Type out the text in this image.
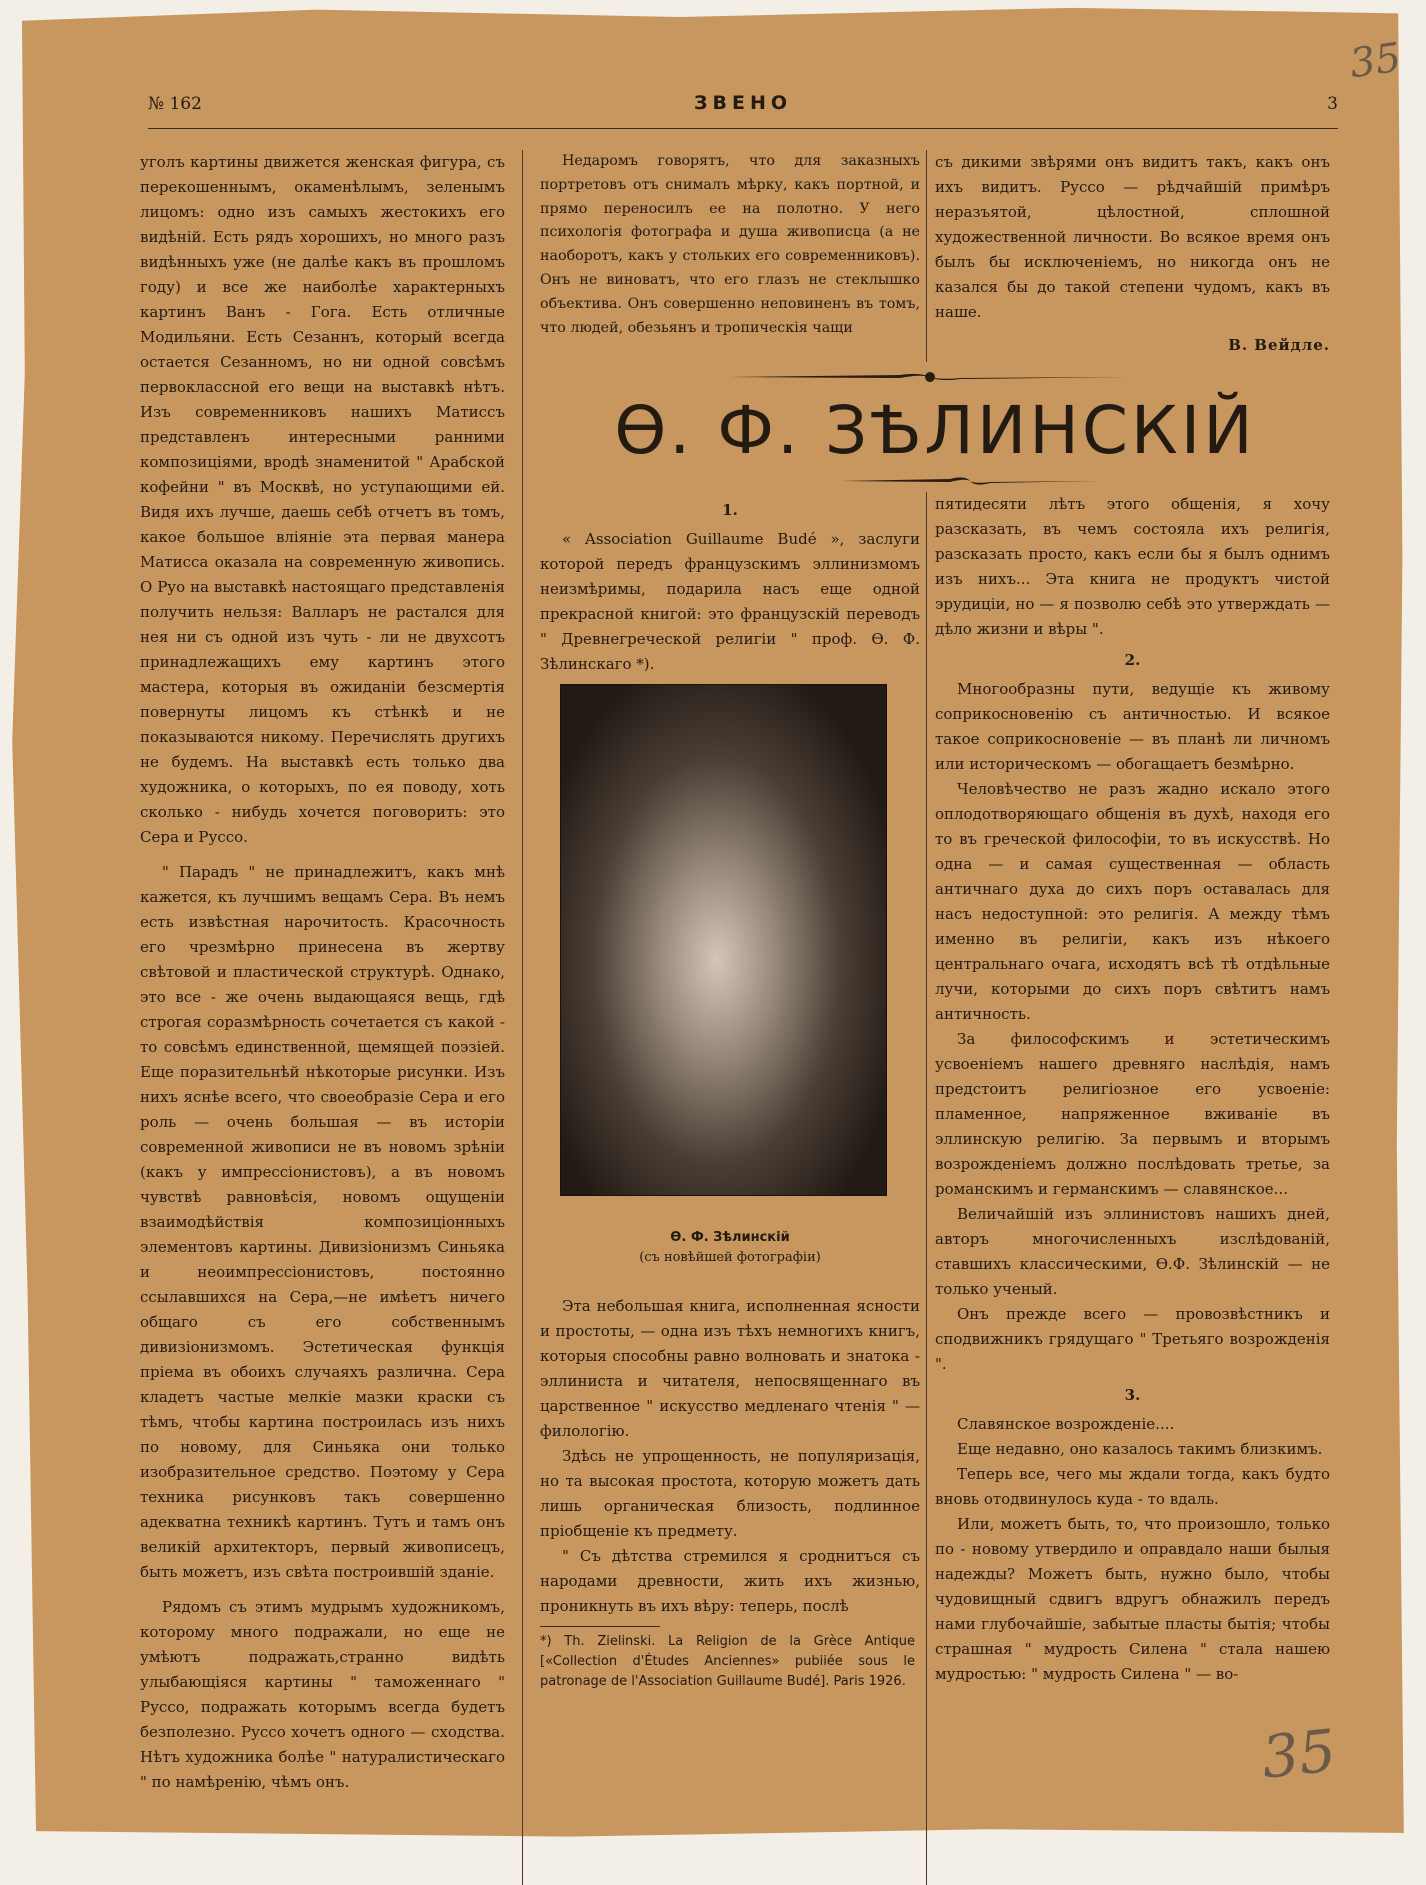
35
35
№ 162	ЗВЕНО	3

уголъ картины движется женская фигура, съ перекошеннымъ, окаменѣлымъ, зеленымъ лицомъ: одно изъ самыхъ жестокихъ его видѣній. Есть рядъ хорошихъ, но много разъ видѣнныхъ уже (не далѣе какъ въ прошломъ году) и все же наиболѣе характерныхъ картинъ Ванъ - Гога. Есть отличные Модильяни. Есть Сезаннъ, который всегда остается Сезанномъ, но ни одной совсѣмъ первоклассной его вещи на выставкѣ нѣтъ. Изъ современниковъ нашихъ Матиссъ представленъ интересными ранними композиціями, вродѣ знаменитой " Арабской кофейни " въ Москвѣ, но уступающими ей. Видя ихъ лучше, даешь себѣ отчетъ въ томъ, какое большое вліяніе эта первая манера Матисса оказала на современную живопись. О Руо на выставкѣ настоящаго представленія получить нельзя: Валларъ не растался для нея ни съ одной изъ чуть - ли не двухсотъ принадлежащихъ ему картинъ этого мастера, которыя въ ожиданіи безсмертія повернуты лицомъ къ стѣнкѣ и не показываются никому. Перечислять другихъ не будемъ. На выставкѣ есть только два художника, о которыхъ, по ея поводу, хоть сколько - нибудь хочется поговорить: это Сера и Руссо.

" Парадъ " не принадлежитъ, какъ мнѣ кажется, къ лучшимъ вещамъ Сера. Въ немъ есть извѣстная нарочитость. Красочность его чрезмѣрно принесена въ жертву свѣтовой и пластической структурѣ. Однако, это все - же очень выдающаяся вещь, гдѣ строгая соразмѣрность сочетается съ какой - то совсѣмъ единственной, щемящей поэзіей. Еще поразительнѣй нѣкоторые рисунки. Изъ нихъ яснѣе всего, что своеобразіе Сера и его роль — очень большая — въ исторіи современной живописи не въ новомъ зрѣніи (какъ у импрессіонистовъ), а въ новомъ чувствѣ равновѣсія, новомъ ощущеніи взаимодѣйствія композиціонныхъ элементовъ картины. Дивизіонизмъ Синьяка и неоимпрессіонистовъ, постоянно ссылавшихся на Сера,—не имѣетъ ничего общаго съ его собственнымъ дивизіонизмомъ. Эстетическая функція пріема въ обоихъ случаяхъ различна. Сера кладетъ частые мелкіе мазки краски съ тѣмъ, чтобы картина построилась изъ нихъ по новому, для Синьяка они только изобразительное средство. Поэтому у Сера техника рисунковъ такъ совершенно адекватна техникѣ картинъ. Тутъ и тамъ онъ великій архитекторъ, первый живописецъ, быть можетъ, изъ свѣта построившій зданіе.

Рядомъ съ этимъ мудрымъ художникомъ, которому много подражали, но еще не умѣютъ подражать,странно видѣть улыбающіяся картины " таможеннаго " Руссо, подражать которымъ всегда будетъ безполезно. Руссо хочетъ одного — сходства. Нѣтъ художника болѣе " натуралистическаго " по намѣренію, чѣмъ онъ.

Недаромъ говорятъ, что для заказныхъ портретовъ отъ снималъ мѣрку, какъ портной, и прямо переносилъ ее на полотно. У него психологія фотографа и душа живописца (а не наоборотъ, какъ у стольких его современниковъ). Онъ не виноватъ, что его глазъ не стеклышко объектива. Онъ совершенно неповиненъ въ томъ, что людей, обезьянъ и тропическія чащи

съ дикими звѣрями онъ видитъ такъ, какъ онъ ихъ видитъ. Руссо — рѣдчайшій примѣръ неразъятой, цѣлостной, сплошной художественной личности. Во всякое время онъ былъ бы исключеніемъ, но никогда онъ не казался бы до такой степени чудомъ, какъ въ наше.

В. Вейдле.
Ѳ. Ф. ЗѢЛИНСКІЙ

1.

« Association Guillaume Budé », заслуги которой передъ французскимъ эллинизмомъ неизмѣримы, подарила насъ еще одной прекрасной книгой: это французскій переводъ " Древнегреческой религіи " проф. Ѳ. Ф. Зѣлинскаго *).

Ѳ. Ф. Зѣлинскій
(съ новѣйшей фотографіи)

Эта небольшая книга, исполненная ясности и простоты, — одна изъ тѣхъ немногихъ книгъ, которыя способны равно волновать и знатока - эллиниста и читателя, непосвященнаго въ царственное " искусство медленаго чтенія " — филологію.

Здѣсь не упрощенность, не популяризація, но та высокая простота, которую можетъ дать лишь органическая близость, подлинное пріобщеніе къ предмету.

" Съ дѣтства стремился я сроднитъся съ народами древности, жить ихъ жизнью, проникнуть въ ихъ вѣру: теперь, послѣ

*) Th. Zielinski. La Religion de la Grèce Antique [«Collection d'Études Anciennes» pubiiée sous le patronage de l'Association Guillaume Budé]. Paris 1926.

пятидесяти лѣтъ этого общенія, я хочу разсказать, въ чемъ состояла ихъ религія, разсказать просто, какъ если бы я былъ однимъ изъ нихъ... Эта книга не продуктъ чистой эрудиціи, но — я позволю себѣ это утверждать — дѣло жизни и вѣры ".

2.

Многообразны пути, ведущіе къ живому соприкосновенію съ античностью. И всякое такое соприкосновеніе — въ планѣ ли личномъ или историческомъ — обогащаетъ безмѣрно.

Человѣчество не разъ жадно искало этого оплодотворяющаго общенія въ духѣ, находя его то въ греческой философіи, то въ искусствѣ. Но одна — и самая существенная — область античнаго духа до сихъ поръ оставалась для насъ недоступной: это религія. А между тѣмъ именно въ религіи, какъ изъ нѣкоего центральнаго очага, исходятъ всѣ тѣ отдѣльные лучи, которыми до сихъ поръ свѣтитъ намъ античность.

За философскимъ и эстетическимъ усвоеніемъ нашего древняго наслѣдія, намъ предстоитъ религіозное его усвоеніе: пламенное, напряженное вживаніе въ эллинскую религію. За первымъ и вторымъ возрожденіемъ должно послѣдовать третье, за романскимъ и германскимъ — славянское...

Величайшій изъ эллинистовъ нашихъ дней, авторъ многочисленныхъ изслѣдованій, ставшихъ классическими, Ѳ.Ф. Зѣлинскій — не только ученый.

Онъ прежде всего — провозвѣстникъ и сподвижникъ грядущаго " Третьяго возрожденія ".

3.

Славянское возрожденіе....

Еще недавно, оно казалось такимъ близкимъ.

Теперь все, чего мы ждали тогда, какъ будто вновь отодвинулось куда - то вдаль.

Или, можетъ быть, то, что произошло, только по - новому утвердило и оправдало наши былыя надежды? Можетъ быть, нужно было, чтобы чудовищный сдвигъ вдругъ обнажилъ передъ нами глубочайшіе, забытые пласты бытія; чтобы страшная " мудрость Силена " стала нашею мудростью: " мудрость Силена " — во-
